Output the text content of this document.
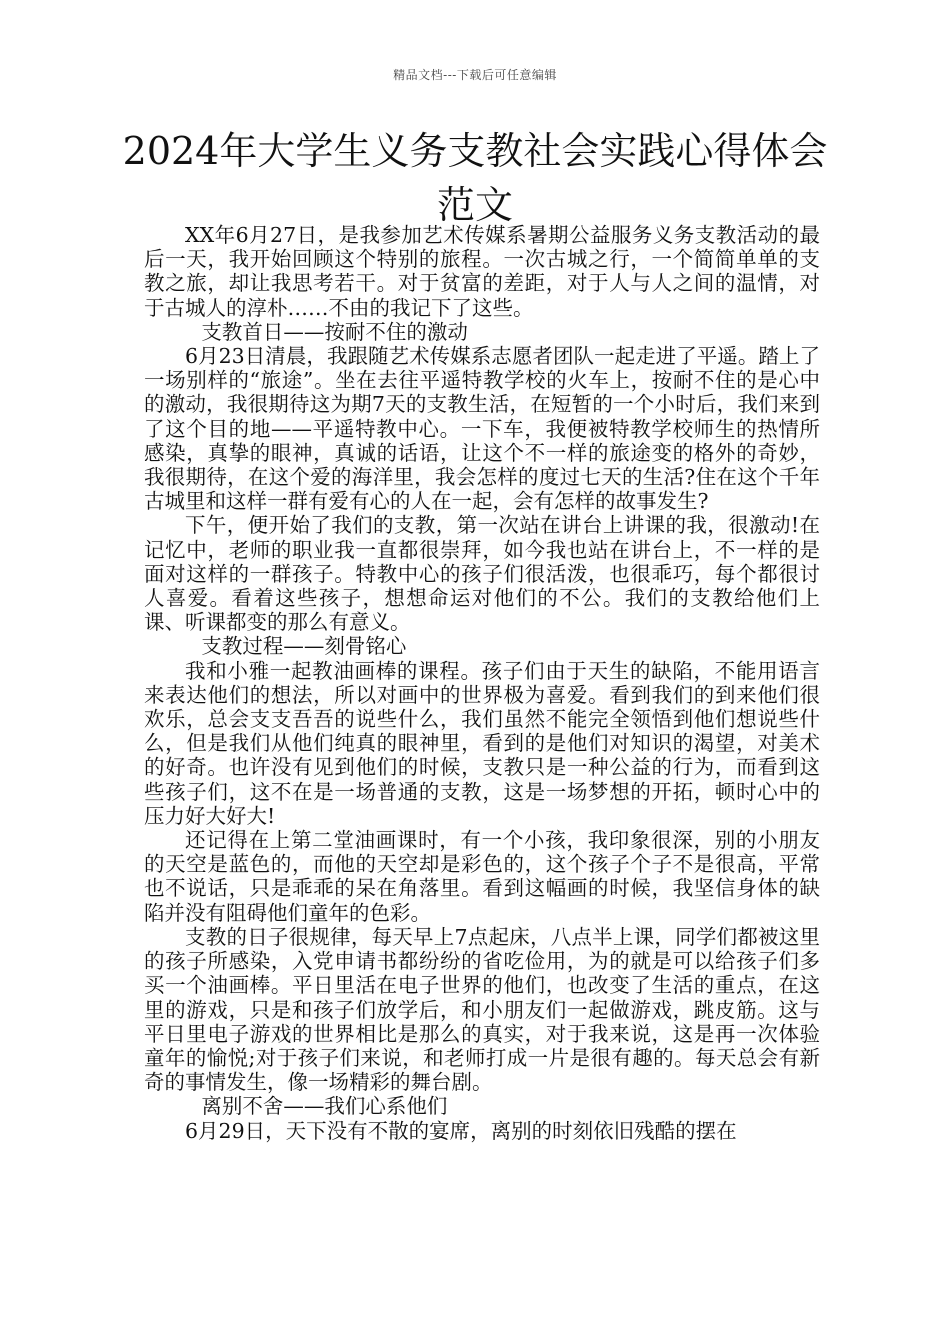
精品文档---下载后可任意编辑
2024年大学生义务支教社会实践心得体会范文

XX年6月27日，是我参加艺术传媒系暑期公益服务义务支教活动的最后一天，我开始回顾这个特别的旅程。一次古城之行，一个简简单单的支教之旅，却让我思考若干。对于贫富的差距，对于人与人之间的温情，对于古城人的淳朴……不由的我记下了这些。

支教首日——按耐不住的激动

6月23日清晨，我跟随艺术传媒系志愿者团队一起走进了平遥。踏上了一场别样的“旅途”。坐在去往平遥特教学校的火车上，按耐不住的是心中的激动，我很期待这为期7天的支教生活，在短暂的一个小时后，我们来到了这个目的地——平遥特教中心。一下车，我便被特教学校师生的热情所感染，真挚的眼神，真诚的话语，让这个不一样的旅途变的格外的奇妙，我很期待，在这个爱的海洋里，我会怎样的度过七天的生活?住在这个千年古城里和这样一群有爱有心的人在一起，会有怎样的故事发生?

下午，便开始了我们的支教，第一次站在讲台上讲课的我，很激动!在记忆中，老师的职业我一直都很崇拜，如今我也站在讲台上，不一样的是面对这样的一群孩子。特教中心的孩子们很活泼，也很乖巧，每个都很讨人喜爱。看着这些孩子，想想命运对他们的不公。我们的支教给他们上课、听课都变的那么有意义。

支教过程——刻骨铭心

我和小雅一起教油画棒的课程。孩子们由于天生的缺陷，不能用语言来表达他们的想法，所以对画中的世界极为喜爱。看到我们的到来他们很欢乐，总会支支吾吾的说些什么，我们虽然不能完全领悟到他们想说些什么，但是我们从他们纯真的眼神里，看到的是他们对知识的渴望，对美术的好奇。也许没有见到他们的时候，支教只是一种公益的行为，而看到这些孩子们，这不在是一场普通的支教，这是一场梦想的开拓，顿时心中的压力好大好大!

还记得在上第二堂油画课时，有一个小孩，我印象很深，别的小朋友的天空是蓝色的，而他的天空却是彩色的，这个孩子个子不是很高，平常也不说话，只是乖乖的呆在角落里。看到这幅画的时候，我坚信身体的缺陷并没有阻碍他们童年的色彩。

支教的日子很规律，每天早上7点起床，八点半上课，同学们都被这里的孩子所感染，入党申请书都纷纷的省吃俭用，为的就是可以给孩子们多买一个油画棒。平日里活在电子世界的他们，也改变了生活的重点，在这里的游戏，只是和孩子们放学后，和小朋友们一起做游戏，跳皮筋。这与平日里电子游戏的世界相比是那么的真实，对于我来说，这是再一次体验童年的愉悦;对于孩子们来说，和老师打成一片是很有趣的。每天总会有新奇的事情发生，像一场精彩的舞台剧。

离别不舍——我们心系他们

6月29日，天下没有不散的宴席，离别的时刻依旧残酷的摆在
